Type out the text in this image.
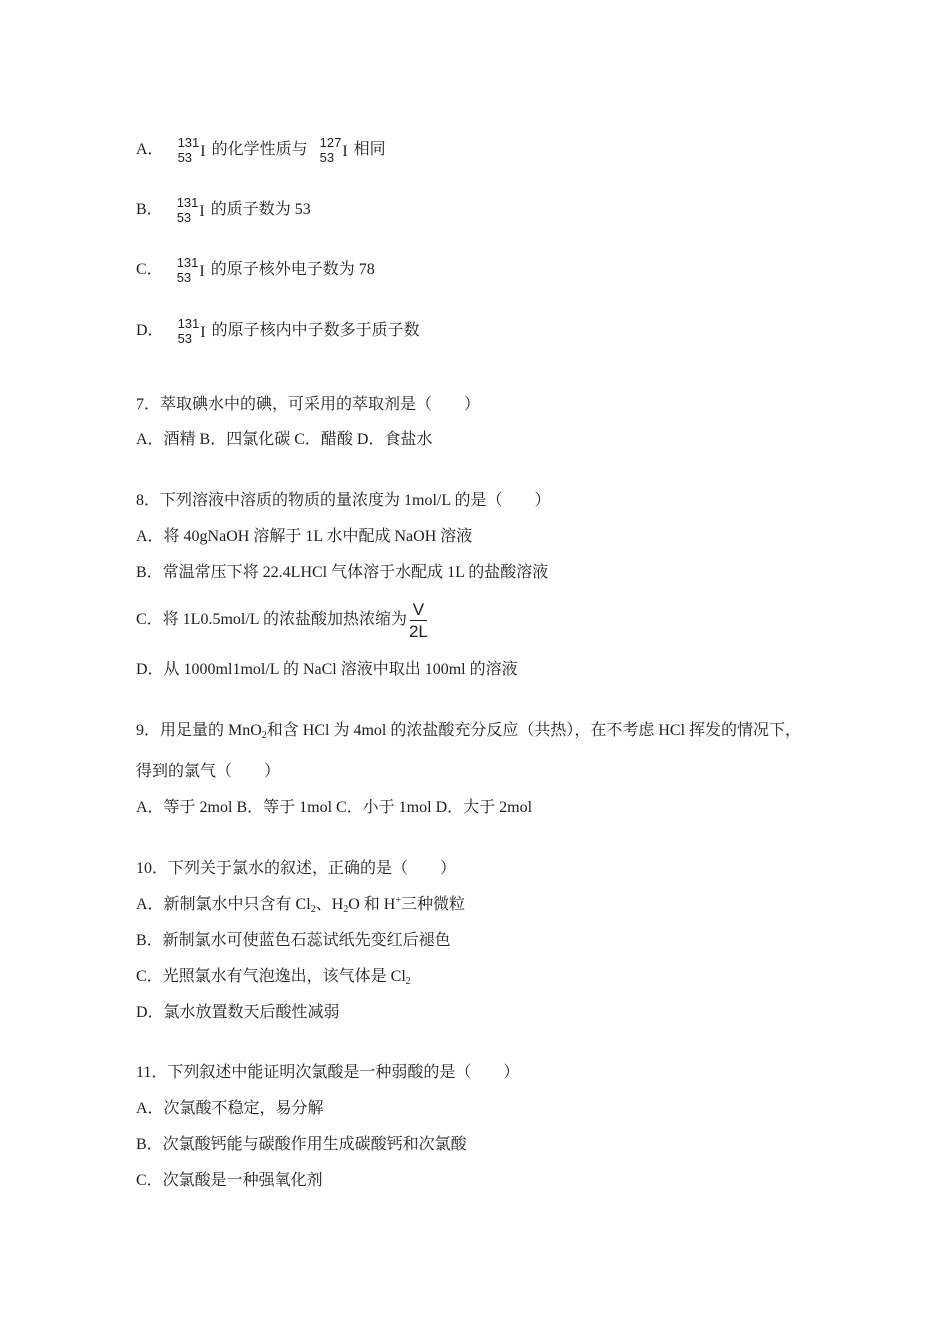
A． 131
53 I 的化学性质与 127
53 I 相同
B． 131
53 I 的质子数为 53
C． 131
53 I 的原子核外电子数为 78
D． 131
53 I 的原子核内中子数多于质子数
7．萃取碘水中的碘，可采用的萃取剂是（　　）
A．酒精 B．四氯化碳 C．醋酸 D．食盐水
8．下列溶液中溶质的物质的量浓度为 1mol/L 的是（　　）
A．将 40gNaOH 溶解于 1L 水中配成 NaOH 溶液
B．常温常压下将 22.4LHCl 气体溶于水配成 1L 的盐酸溶液
C．将 1L0.5mol/L 的浓盐酸加热浓缩为 $\frac{V}{2L}$
D．从 1000ml1mol/L 的 NaCl 溶液中取出 100ml 的溶液
9．用足量的 MnO$_2$和含 HCl 为 4mol 的浓盐酸充分反应（共热），在不考虑 HCl 挥发的情况下，
得到的氯气（　　）
A．等于 2mol B．等于 1mol C．小于 1mol D．大于 2mol
10．下列关于氯水的叙述，正确的是（　　）
A．新制氯水中只含有 $Cl_2$、$H_2O$ 和 H+三种微粒
B．新制氯水可使蓝色石蕊试纸先变红后褪色
C．光照氯水有气泡逸出，该气体是 $Cl_2$
D．氯水放置数天后酸性减弱
11．下列叙述中能证明次氯酸是一种弱酸的是（　　）
A．次氯酸不稳定，易分解
B．次氯酸钙能与碳酸作用生成碳酸钙和次氯酸
C．次氯酸是一种强氧化剂
